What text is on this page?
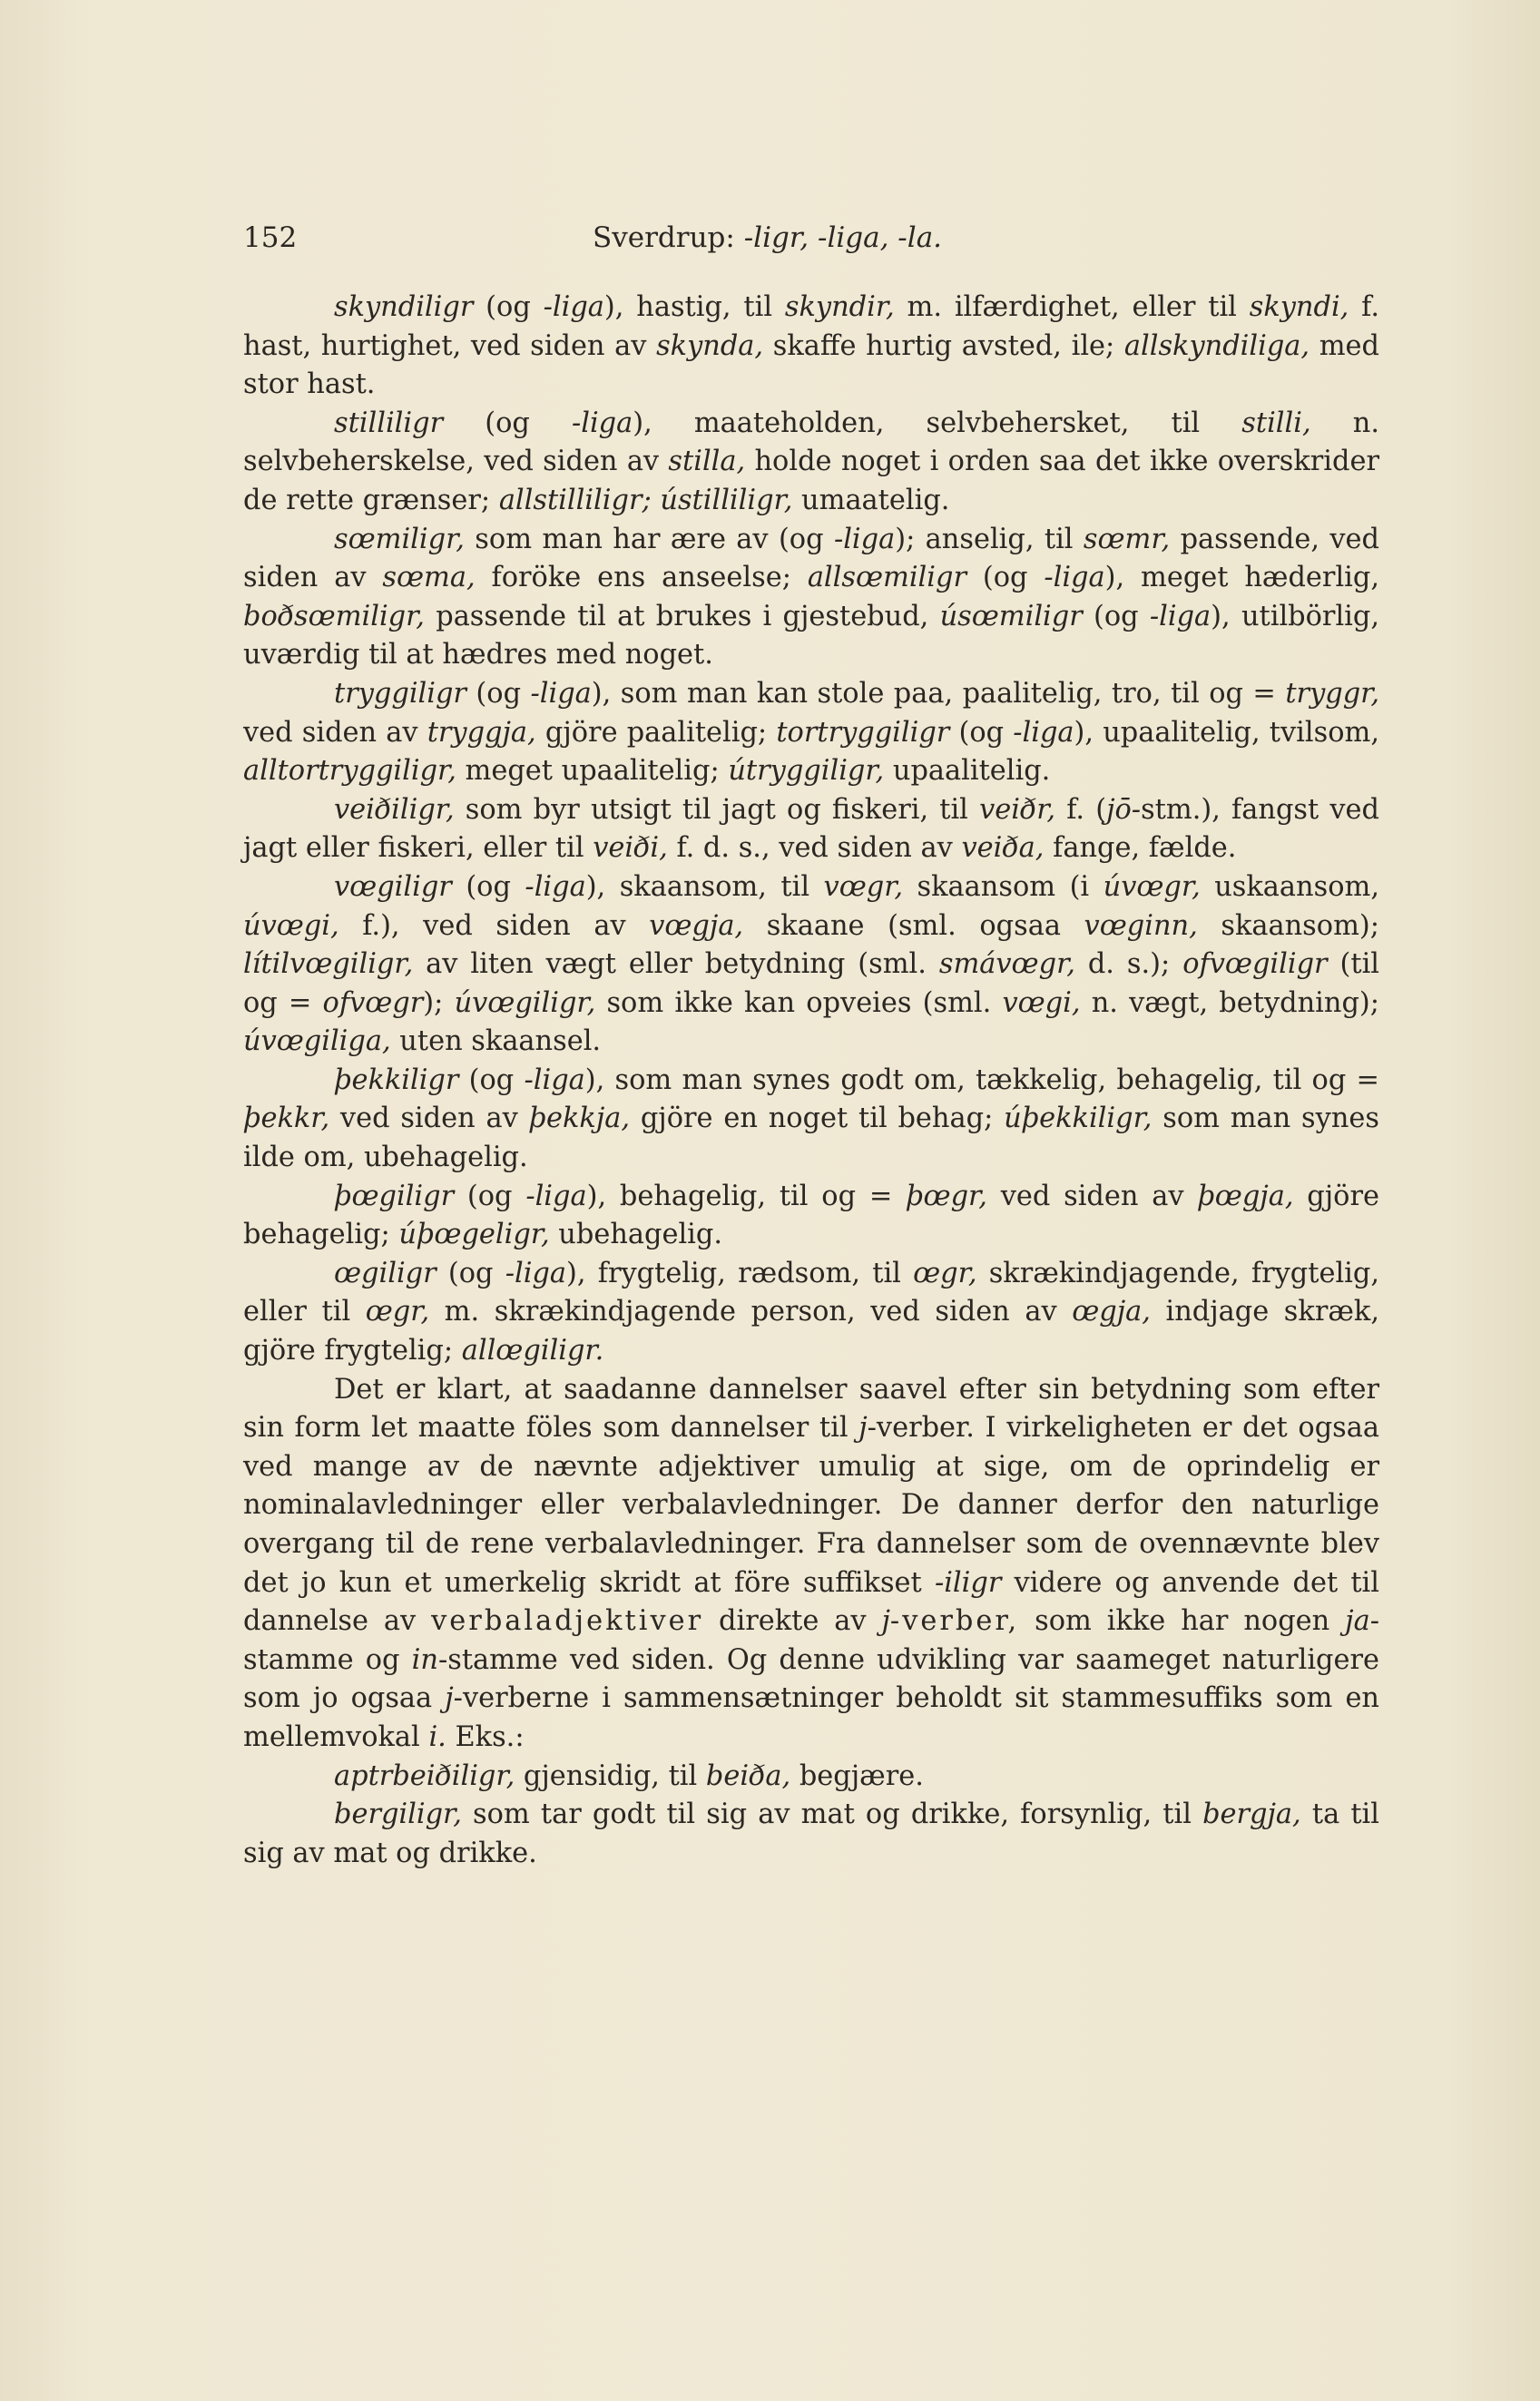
152	Sverdrup: -ligr, -liga, -la.

skyndiligr (og -liga), hastig, til skyndir, m. ilfærdighet, eller til skyndi, f. hast, hurtighet, ved siden av skynda, skaffe hurtig avsted, ile; allskyndiliga, med stor hast.

stilliligr (og -liga), maateholden, selvbehersket, til stilli, n. selvbeherskelse, ved siden av stilla, holde noget i orden saa det ikke overskrider de rette grænser; allstilliligr; ústilliligr, umaatelig.

sœmiligr, som man har ære av (og -liga); anselig, til sœmr, passende, ved siden av sœma, foröke ens anseelse; allsœmiligr (og -liga), meget hæderlig, boðsœmiligr, passende til at brukes i gjestebud, úsœmiligr (og -liga), utilbörlig, uværdig til at hædres med noget.

tryggiligr (og -liga), som man kan stole paa, paalitelig, tro, til og = tryggr, ved siden av tryggja, gjöre paalitelig; tortryggiligr (og -liga), upaalitelig, tvilsom, alltortryggiligr, meget upaalitelig; útryggiligr, upaalitelig.

veiðiligr, som byr utsigt til jagt og fiskeri, til veiðr, f. (jō-stm.), fangst ved jagt eller fiskeri, eller til veiði, f. d. s., ved siden av veiða, fange, fælde.

vœgiligr (og -liga), skaansom, til vœgr, skaansom (i úvœgr, uskaansom, úvœgi, f.), ved siden av vœgja, skaane (sml. ogsaa vœginn, skaansom); lítilvœgiligr, av liten vægt eller betydning (sml. smávœgr, d. s.); ofvœgiligr (til og = ofvœgr); úvœgiligr, som ikke kan opveies (sml. vœgi, n. vægt, betydning); úvœgiliga, uten skaansel.

þekkiligr (og -liga), som man synes godt om, tækkelig, behagelig, til og = þekkr, ved siden av þekkja, gjöre en noget til behag; úþekkiligr, som man synes ilde om, ubehagelig.

þœgiligr (og -liga), behagelig, til og = þœgr, ved siden av þœgja, gjöre behagelig; úþœgeligr, ubehagelig.

œgiligr (og -liga), frygtelig, rædsom, til œgr, skrækindjagende, frygtelig, eller til œgr, m. skrækindjagende person, ved siden av œgja, indjage skræk, gjöre frygtelig; allœgiligr.

Det er klart, at saadanne dannelser saavel efter sin betydning som efter sin form let maatte föles som dannelser til j-verber. I virkeligheten er det ogsaa ved mange av de nævnte adjektiver umulig at sige, om de oprindelig er nominalavledninger eller verbalavledninger. De danner derfor den naturlige overgang til de rene verbalavledninger. Fra dannelser som de ovennævnte blev det jo kun et umerkelig skridt at före suffikset -iligr videre og anvende det til dannelse av verbaladjektiver direkte av j-verber, som ikke har nogen ja-stamme og in-stamme ved siden. Og denne udvikling var saameget naturligere som jo ogsaa j-verberne i sammensætninger beholdt sit stammesuffiks som en mellemvokal i. Eks.:

aptrbeiðiligr, gjensidig, til beiða, begjære.

bergiligr, som tar godt til sig av mat og drikke, forsynlig, til bergja, ta til sig av mat og drikke.
